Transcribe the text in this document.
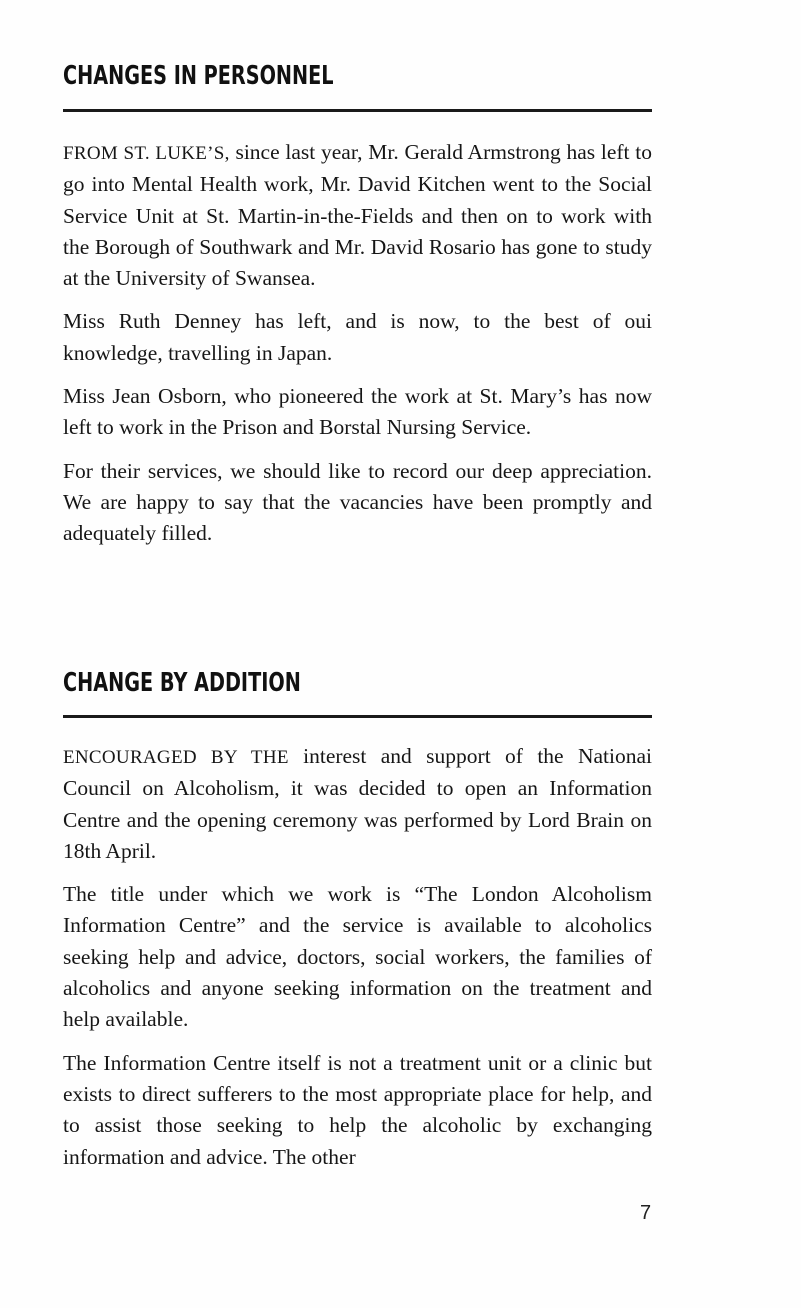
CHANGES IN PERSONNEL

FROM ST. LUKE’S, since last year, Mr. Gerald Armstrong has left to go into Mental Health work, Mr. David Kitchen went to the Social Service Unit at St. Martin-in-the-Fields and then on to work with the Borough of Southwark and Mr. David Rosario has gone to study at the University of Swansea.

Miss Ruth Denney has left, and is now, to the best of oui knowledge, travelling in Japan.

Miss Jean Osborn, who pioneered the work at St. Mary’s has now left to work in the Prison and Borstal Nursing Service.

For their services, we should like to record our deep appreciation. We are happy to say that the vacancies have been promptly and adequately filled.

CHANGE BY ADDITION

ENCOURAGED BY THE interest and support of the Nationai Council on Alcoholism, it was decided to open an Information Centre and the opening ceremony was performed by Lord Brain on 18th April.

The title under which we work is “The London Alcoholism Information Centre” and the service is available to alcoholics seeking help and advice, doctors, social workers, the families of alcoholics and anyone seeking information on the treatment and help available.

The Information Centre itself is not a treatment unit or a clinic but exists to direct sufferers to the most appropriate place for help, and to assist those seeking to help the alcoholic by exchanging information and advice. The other

7
